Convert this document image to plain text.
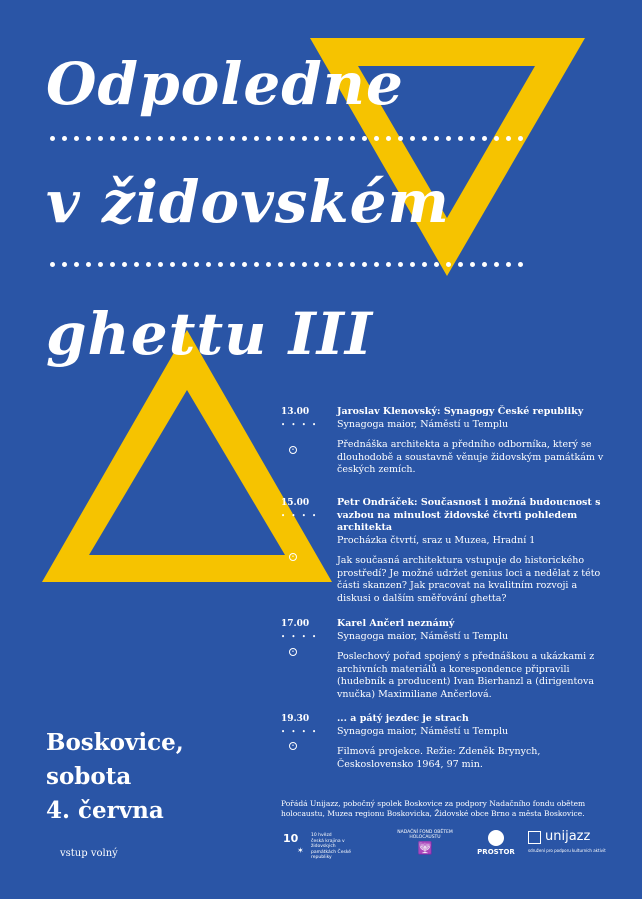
Odpoledne
v židovském
ghettu III
13.00
• • • •
•
Jaroslav Klenovský: Synagogy České republiky
Synagoga maior, Náměstí u Templu
Přednáška architekta a předního odborníka, který se dlouhodobě a soustavně věnuje židovským památkám v českých zemích.
15.00
• • • •
•
Petr Ondráček: Současnost i možná budoucnost s vazbou na minulost židovské čtvrti pohledem architekta
Procházka čtvrtí, sraz u Muzea, Hradní 1
Jak současná architektura vstupuje do historického prostředí? Je možné udržet genius loci a nedělat z této části skanzen? Jak pracovat na kvalitním rozvoji a diskusi o dalším směřování ghetta?
17.00
• • • •
•
Karel Ančerl neznámý
Synagoga maior, Náměstí u Templu
Poslechový pořad spojený s přednáškou a ukázkami z archivních materiálů a korespondence připravili (hudebník a producent) Ivan Bierhanzl a (dirigentova vnučka) Maximiliane Ančerlová.
19.30
• • • •
•
... a pátý jezdec je strach
Synagoga maior, Náměstí u Templu
Filmová projekce. Režie: Zdeněk Brynych, Československo 1964, 97 min.
Boskovice,
sobota
4. června
vstup volný
Pořádá Unijazz, pobočný spolek Boskovice za podpory Nadačního fondu obětem holocaustu, Muzea regionu Boskovicka, Židovské obce Brno a města Boskovice.
10
✶
10 hvězd
česká krajina v židovských
památkách České republiky
NADAČNÍ FOND OBĚTEM HOLOCAUSTU
🕎	PROSTOR
unijazz
sdružení pro podporu kulturních aktivit
